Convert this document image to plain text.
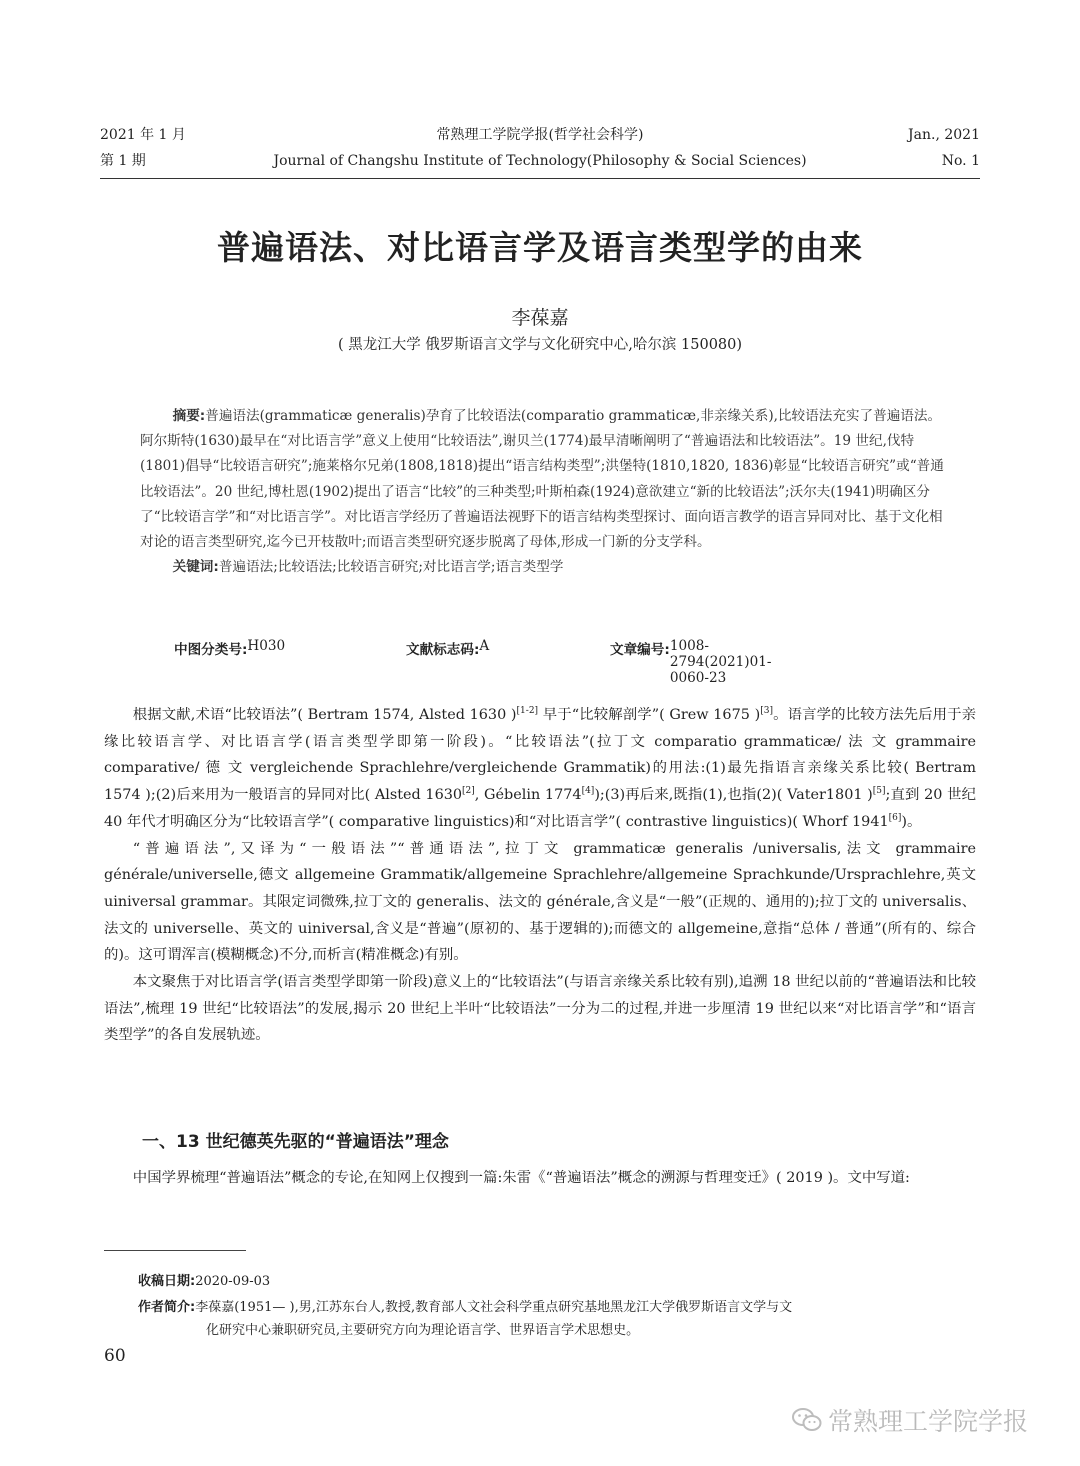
2021 年 1 月	常熟理工学院学报(哲学社会科学)	Jan., 2021
第 1 期	Journal of Changshu Institute of Technology(Philosophy & Social Sciences)	No. 1
普遍语法、对比语言学及语言类型学的由来
李葆嘉
( 黑龙江大学 俄罗斯语言文学与文化研究中心,哈尔滨 150080)
摘要:普遍语法(grammaticæ generalis)孕育了比较语法(comparatio grammaticæ,非亲缘关系),比较语法充实了普遍语法。阿尔斯特(1630)最早在“对比语言学”意义上使用“比较语法”,谢贝兰(1774)最早清晰阐明了“普遍语法和比较语法”。19 世纪,伐特(1801)倡导“比较语言研究”;施莱格尔兄弟(1808,1818)提出“语言结构类型”;洪堡特(1810,1820, 1836)彰显“比较语言研究”或“普通比较语法”。20 世纪,博杜恩(1902)提出了语言“比较”的三种类型;叶斯柏森(1924)意欲建立“新的比较语法”;沃尔夫(1941)明确区分了“比较语言学”和“对比语言学”。对比语言学经历了普遍语法视野下的语言结构类型探讨、面向语言教学的语言异同对比、基于文化相对论的语言类型研究,迄今已开枝散叶;而语言类型研究逐步脱离了母体,形成一门新的分支学科。
关键词:普遍语法;比较语法;比较语言研究;对比语言学;语言类型学
中图分类号: H030	文献标志码: A	文章编号: 1008-2794(2021)01-0060-23

根据文献,术语“比较语法”( Bertram 1574, Alsted 1630 )[1-2] 早于“比较解剖学”( Grew 1675 )[3]。语言学的比较方法先后用于亲缘比较语言学、对比语言学(语言类型学即第一阶段)。“比较语法”(拉丁文 comparatio grammaticæ/ 法 文 grammaire comparative/ 德 文 vergleichende Sprachlehre/vergleichende Grammatik)的用法:(1)最先指语言亲缘关系比较( Bertram 1574 );(2)后来用为一般语言的异同对比( Alsted 1630[2], Gébelin 1774[4]);(3)再后来,既指(1),也指(2)( Vater1801 )[5];直到 20 世纪 40 年代才明确区分为“比较语言学”( comparative linguistics)和“对比语言学”( contrastive linguistics)( Whorf 1941[6])。

“普遍语法”,又译为“一般语法”“普通语法”,拉丁文 grammaticæ generalis /universalis,法文 grammaire générale/universelle,德文 allgemeine Grammatik/allgemeine Sprachlehre/allgemeine Sprachkunde/Ursprachlehre,英文 uiniversal grammar。其限定词微殊,拉丁文的 generalis、法文的 générale,含义是“一般”(正规的、通用的);拉丁文的 universalis、法文的 universelle、英文的 uiniversal,含义是“普遍”(原初的、基于逻辑的);而德文的 allgemeine,意指“总体 / 普通”(所有的、综合的)。这可谓浑言(模糊概念)不分,而析言(精准概念)有别。

本文聚焦于对比语言学(语言类型学即第一阶段)意义上的“比较语法”(与语言亲缘关系比较有别),追溯 18 世纪以前的“普遍语法和比较语法”,梳理 19 世纪“比较语法”的发展,揭示 20 世纪上半叶“比较语法”一分为二的过程,并进一步厘清 19 世纪以来“对比语言学”和“语言类型学”的各自发展轨迹。

一、13 世纪德英先驱的“普遍语法”理念

中国学界梳理“普遍语法”概念的专论,在知网上仅搜到一篇:朱雷《“普遍语法”概念的溯源与哲理变迁》( 2019 )。文中写道:

收稿日期:2020-09-03
作者简介:李葆嘉(1951— ),男,江苏东台人,教授,教育部人文社会科学重点研究基地黑龙江大学俄罗斯语言文学与文
化研究中心兼职研究员,主要研究方向为理论语言学、世界语言学术思想史。
60
常熟理工学院学报
